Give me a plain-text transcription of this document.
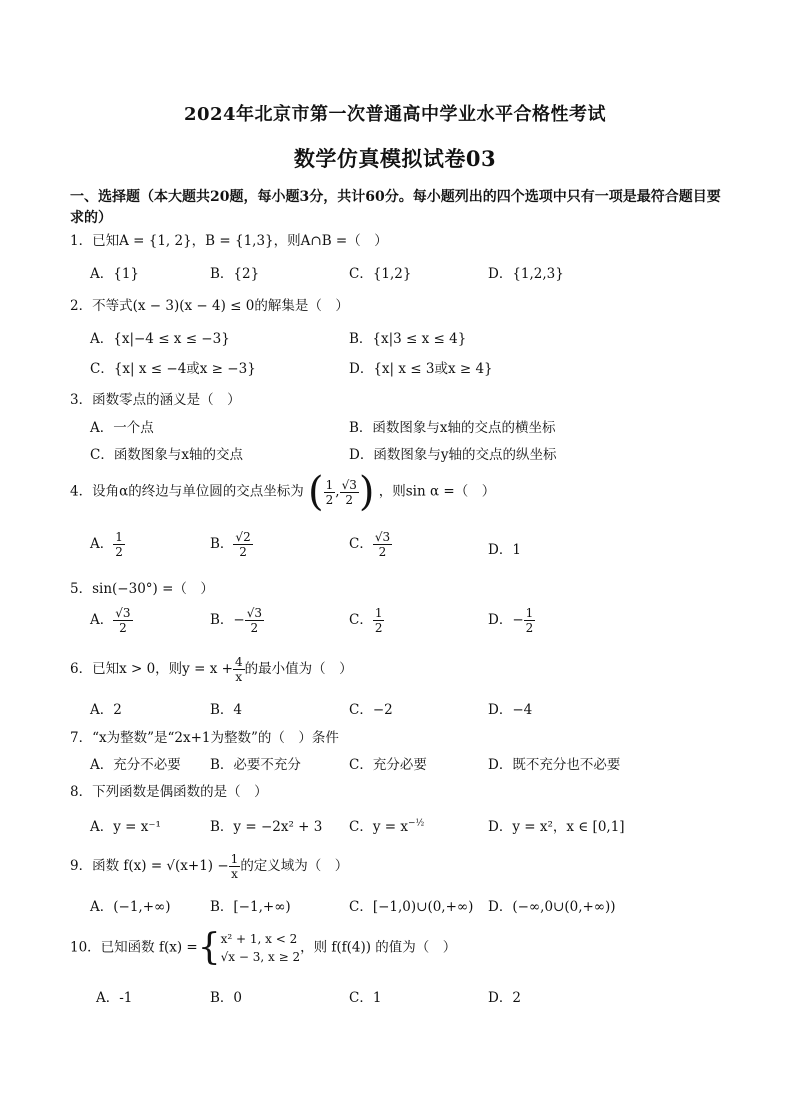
2024年北京市第一次普通高中学业水平合格性考试
数学仿真模拟试卷03
一、选择题（本大题共20题，每小题3分，共计60分。每小题列出的四个选项中只有一项是最符合题目要求的）
1．已知A = {1, 2}，B = {1,3}，则A∩B =（　）
A．{1}	B．{2}	C．{1,2}	D．{1,2,3}
2．不等式(x − 3)(x − 4) ≤ 0的解集是（　）
A．{x|−4 ≤ x ≤ −3}	B．{x|3 ≤ x ≤ 4}
C．{x| x ≤ −4或x ≥ −3}	D．{x| x ≤ 3或x ≥ 4}
3．函数零点的涵义是（　）
A．一个点	B．函数图象与x轴的交点的横坐标
C．函数图象与x轴的交点	D．函数图象与y轴的交点的纵坐标
4．设角α的终边与单位圆的交点坐标为 ( $\frac{1}{2}$ , $\frac{√3}{2}$ ) ，则sin α =（　）
A． $\frac{1}{2}$	B． $\frac{√2}{2}$	C． $\frac{√3}{2}$	D．1
5．sin(−30°) =（　）
A． $\frac{√3}{2}$	B．− $\frac{√3}{2}$	C． $\frac{1}{2}$	D．− $\frac{1}{2}$
6．已知x > 0，则$y = x + \frac{4}{x}$ 的最小值为（　）
A．2	B．4	C．−2	D．−4
7．“x为整数”是“2x+1为整数”的（　）条件
A．充分不必要 B．必要不充分	C．充分必要	D．既不充分也不必要
8．下列函数是偶函数的是（　）
A．y = x⁻¹	B．y = −2x² + 3 C．$y = x^{-\frac{1}{2}}$	D．y = x²，x ∈ [0,1]
9．函数 $f(x) = √(x+1) - \frac{1}{x}$ 的定义域为（　）
A．(−1,+∞)	B．[−1,+∞)	C．[−1,0)∪(0,+∞) D．(−∞,0∪(0,+∞))
10．已知函数 f(x) ={ x² + 1, x < 2
√x − 3, x ≥ 2
，则 f(f(4)) 的值为（　）
A．-1	B．0	C．1	D．2
